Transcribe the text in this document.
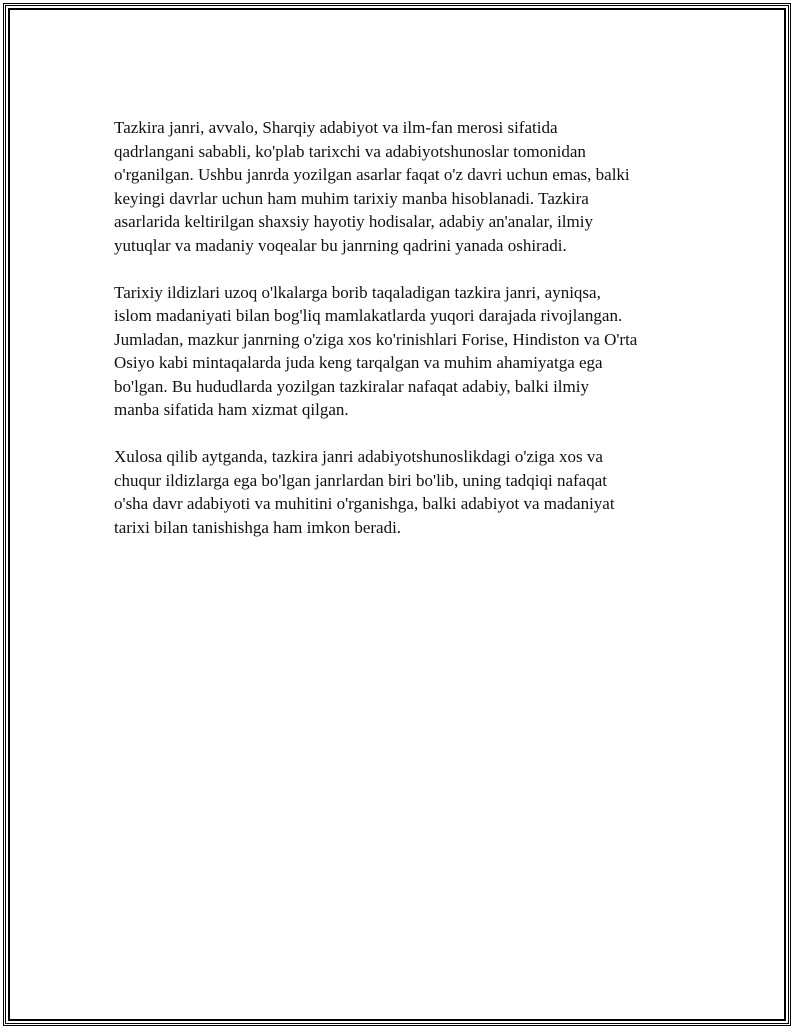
Tazkira janri, avvalo, Sharqiy adabiyot va ilm-fan merosi sifatida
qadrlangani sababli, ko'plab tarixchi va adabiyotshunoslar tomonidan
o'rganilgan. Ushbu janrda yozilgan asarlar faqat o'z davri uchun emas, balki
keyingi davrlar uchun ham muhim tarixiy manba hisoblanadi. Tazkira
asarlarida keltirilgan shaxsiy hayotiy hodisalar, adabiy an'analar, ilmiy
yutuqlar va madaniy voqealar bu janrning qadrini yanada oshiradi.

Tarixiy ildizlari uzoq o'lkalarga borib taqaladigan tazkira janri, ayniqsa,
islom madaniyati bilan bog'liq mamlakatlarda yuqori darajada rivojlangan.
Jumladan, mazkur janrning o'ziga xos ko'rinishlari Forise, Hindiston va O'rta
Osiyo kabi mintaqalarda juda keng tarqalgan va muhim ahamiyatga ega
bo'lgan. Bu hududlarda yozilgan tazkiralar nafaqat adabiy, balki ilmiy
manba sifatida ham xizmat qilgan.

Xulosa qilib aytganda, tazkira janri adabiyotshunoslikdagi o'ziga xos va
chuqur ildizlarga ega bo'lgan janrlardan biri bo'lib, uning tadqiqi nafaqat
o'sha davr adabiyoti va muhitini o'rganishga, balki adabiyot va madaniyat
tarixi bilan tanishishga ham imkon beradi.
